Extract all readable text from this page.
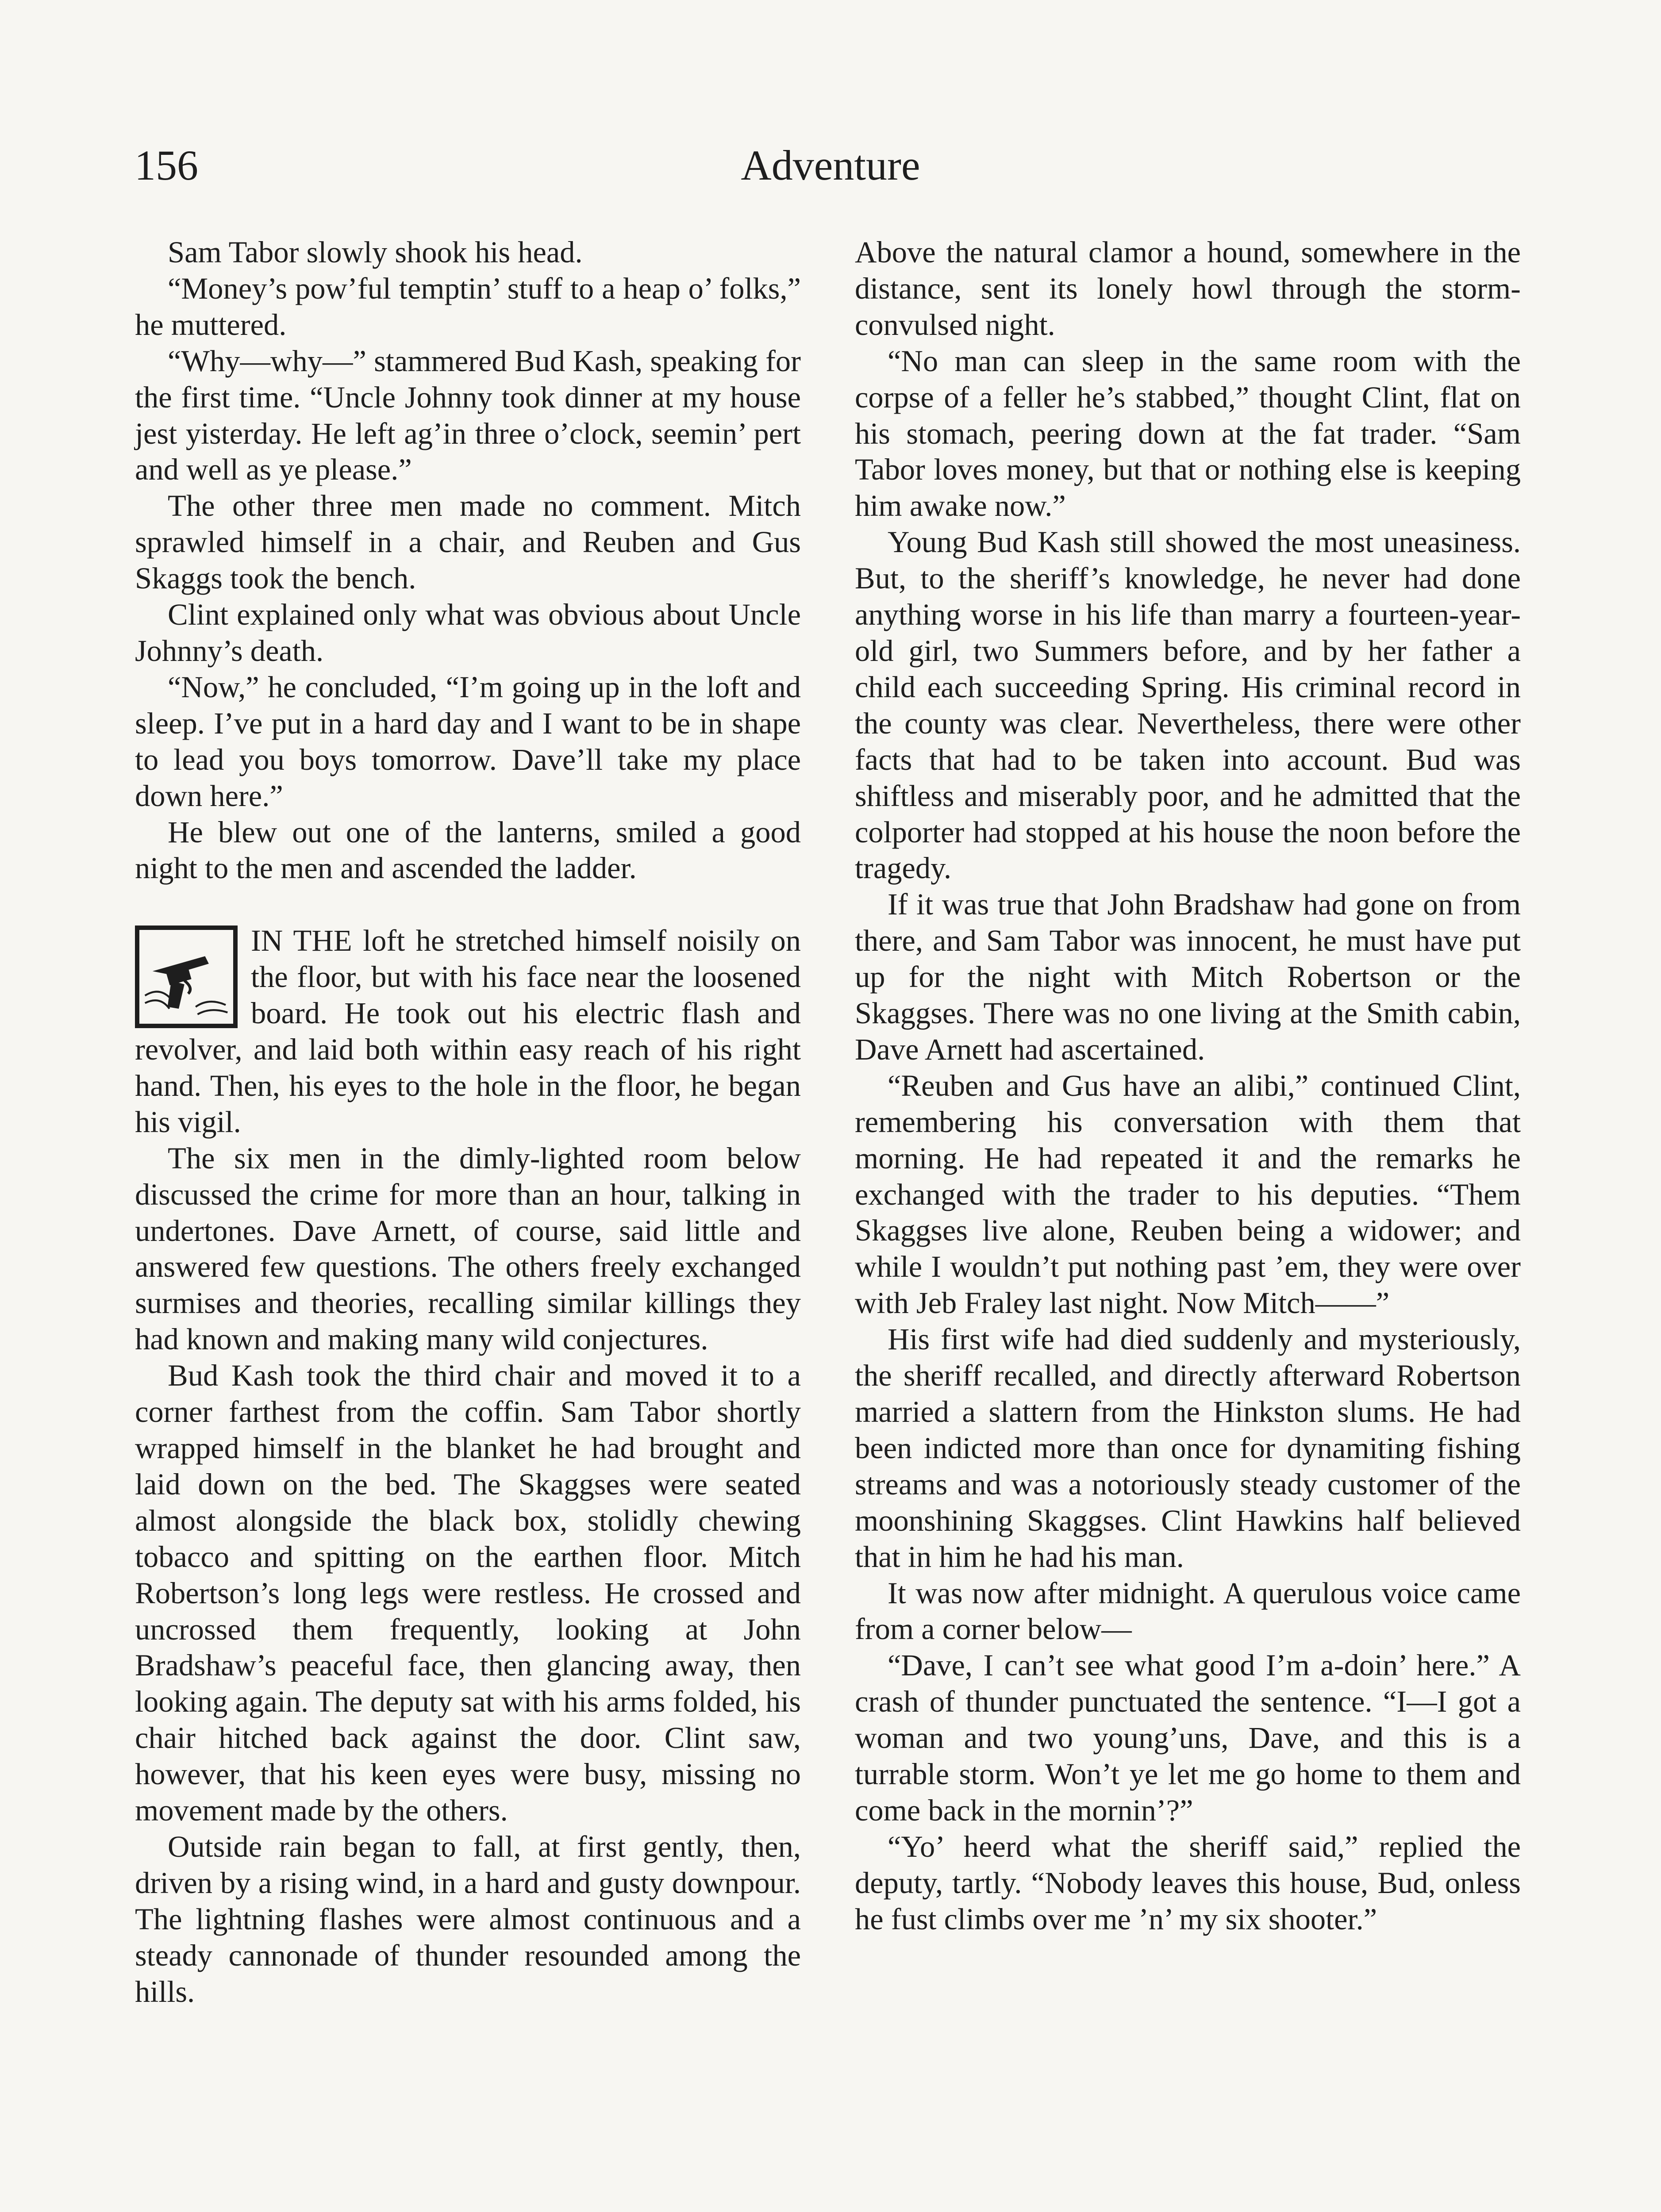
156	Adventure

Sam Tabor slowly shook his head.

“Money’s pow’ful temptin’ stuff to a heap o’ folks,” he muttered.

“Why—why—” stammered Bud Kash, speaking for the first time. “Uncle Johnny took dinner at my house jest yisterday. He left ag’in three o’clock, seemin’ pert and well as ye please.”

The other three men made no comment. Mitch sprawled himself in a chair, and Reuben and Gus Skaggs took the bench.

Clint explained only what was obvious about Uncle Johnny’s death.

“Now,” he concluded, “I’m going up in the loft and sleep. I’ve put in a hard day and I want to be in shape to lead you boys tomorrow. Dave’ll take my place down here.”

He blew out one of the lanterns, smiled a good night to the men and ascended the ladder.

IN THE loft he stretched himself noisily on the floor, but with his face near the loosened board. He took out his electric flash and revolver, and laid both within easy reach of his right hand. Then, his eyes to the hole in the floor, he began his vigil.

The six men in the dimly-lighted room below discussed the crime for more than an hour, talking in undertones. Dave Arnett, of course, said little and answered few questions. The others freely exchanged surmises and theories, recalling similar killings they had known and making many wild conjectures.

Bud Kash took the third chair and moved it to a corner farthest from the coffin. Sam Tabor shortly wrapped himself in the blanket he had brought and laid down on the bed. The Skaggses were seated almost alongside the black box, stolidly chewing tobacco and spitting on the earthen floor. Mitch Robertson’s long legs were restless. He crossed and uncrossed them frequently, looking at John Bradshaw’s peaceful face, then glancing away, then looking again. The deputy sat with his arms folded, his chair hitched back against the door. Clint saw, however, that his keen eyes were busy, missing no movement made by the others.

Outside rain began to fall, at first gently, then, driven by a rising wind, in a hard and gusty downpour. The lightning flashes were almost continuous and a steady cannonade of thunder resounded among the hills.

Above the natural clamor a hound, somewhere in the distance, sent its lonely howl through the storm-convulsed night.

“No man can sleep in the same room with the corpse of a feller he’s stabbed,” thought Clint, flat on his stomach, peering down at the fat trader. “Sam Tabor loves money, but that or nothing else is keeping him awake now.”

Young Bud Kash still showed the most uneasiness. But, to the sheriff’s knowledge, he never had done anything worse in his life than marry a fourteen-year-old girl, two Summers before, and by her father a child each succeeding Spring. His criminal record in the county was clear. Nevertheless, there were other facts that had to be taken into account. Bud was shiftless and miserably poor, and he admitted that the colporter had stopped at his house the noon before the tragedy.

If it was true that John Bradshaw had gone on from there, and Sam Tabor was innocent, he must have put up for the night with Mitch Robertson or the Skaggses. There was no one living at the Smith cabin, Dave Arnett had ascertained.

“Reuben and Gus have an alibi,” continued Clint, remembering his conversation with them that morning. He had repeated it and the remarks he exchanged with the trader to his deputies. “Them Skaggses live alone, Reuben being a widower; and while I wouldn’t put nothing past ’em, they were over with Jeb Fraley last night. Now Mitch——”

His first wife had died suddenly and mysteriously, the sheriff recalled, and directly afterward Robertson married a slattern from the Hinkston slums. He had been indicted more than once for dynamiting fishing streams and was a notoriously steady customer of the moonshining Skaggses. Clint Hawkins half believed that in him he had his man.

It was now after midnight. A querulous voice came from a corner below—

“Dave, I can’t see what good I’m a-doin’ here.” A crash of thunder punctuated the sentence. “I—I got a woman and two young’uns, Dave, and this is a turrable storm. Won’t ye let me go home to them and come back in the mornin’?”

“Yo’ heerd what the sheriff said,” replied the deputy, tartly. “Nobody leaves this house, Bud, onless he fust climbs over me ’n’ my six shooter.”
